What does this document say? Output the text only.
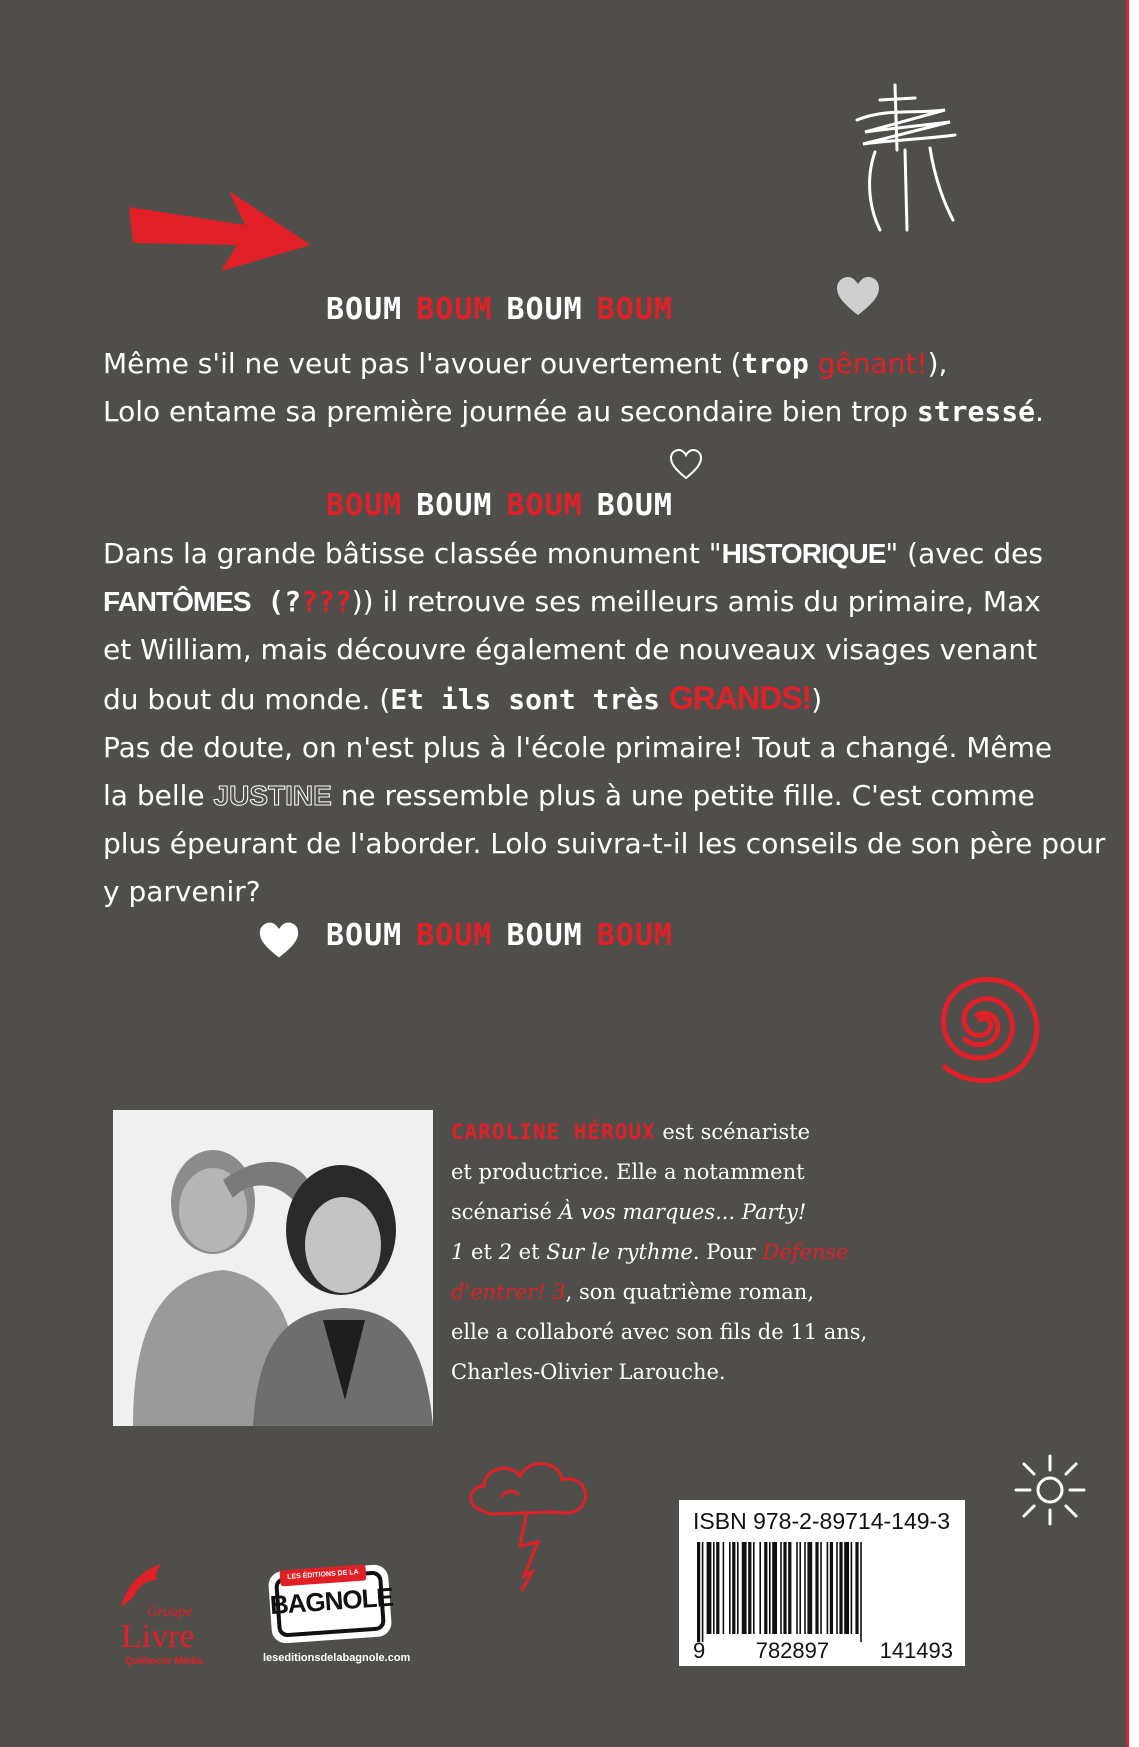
BOUM BOUM BOUM BOUM
Même s'il ne veut pas l'avouer ouvertement (trop gênant!),
Lolo entame sa première journée au secondaire bien trop stressé.
BOUM BOUM BOUM BOUM
Dans la grande bâtisse classée monument "HISTORIQUE" (avec des
FANTÔMES (????)) il retrouve ses meilleurs amis du primaire, Max
et William, mais découvre également de nouveaux visages venant
du bout du monde. (Et ils sont très GRANDS!)
Pas de doute, on n'est plus à l'école primaire! Tout a changé. Même
la belle JUSTINE ne ressemble plus à une petite fille. C'est comme
plus épeurant de l'aborder. Lolo suivra-t-il les conseils de son père pour
y parvenir?
BOUM BOUM BOUM BOUM
CAROLINE HÉROUX est scénariste
et productrice. Elle a notamment
scénarisé À vos marques... Party!
1 et 2 et Sur le rythme. Pour Défense
d'entrer! 3, son quatrième roman,
elle a collaboré avec son fils de 11 ans,
Charles-Olivier Larouche.
Groupe
Livre
Québecor Média
LES ÉDITIONS DE LA
BAGNOLE
leseditionsdelabagnole.com
ISBN 978-2-89714-149-3
9 782897 141493
